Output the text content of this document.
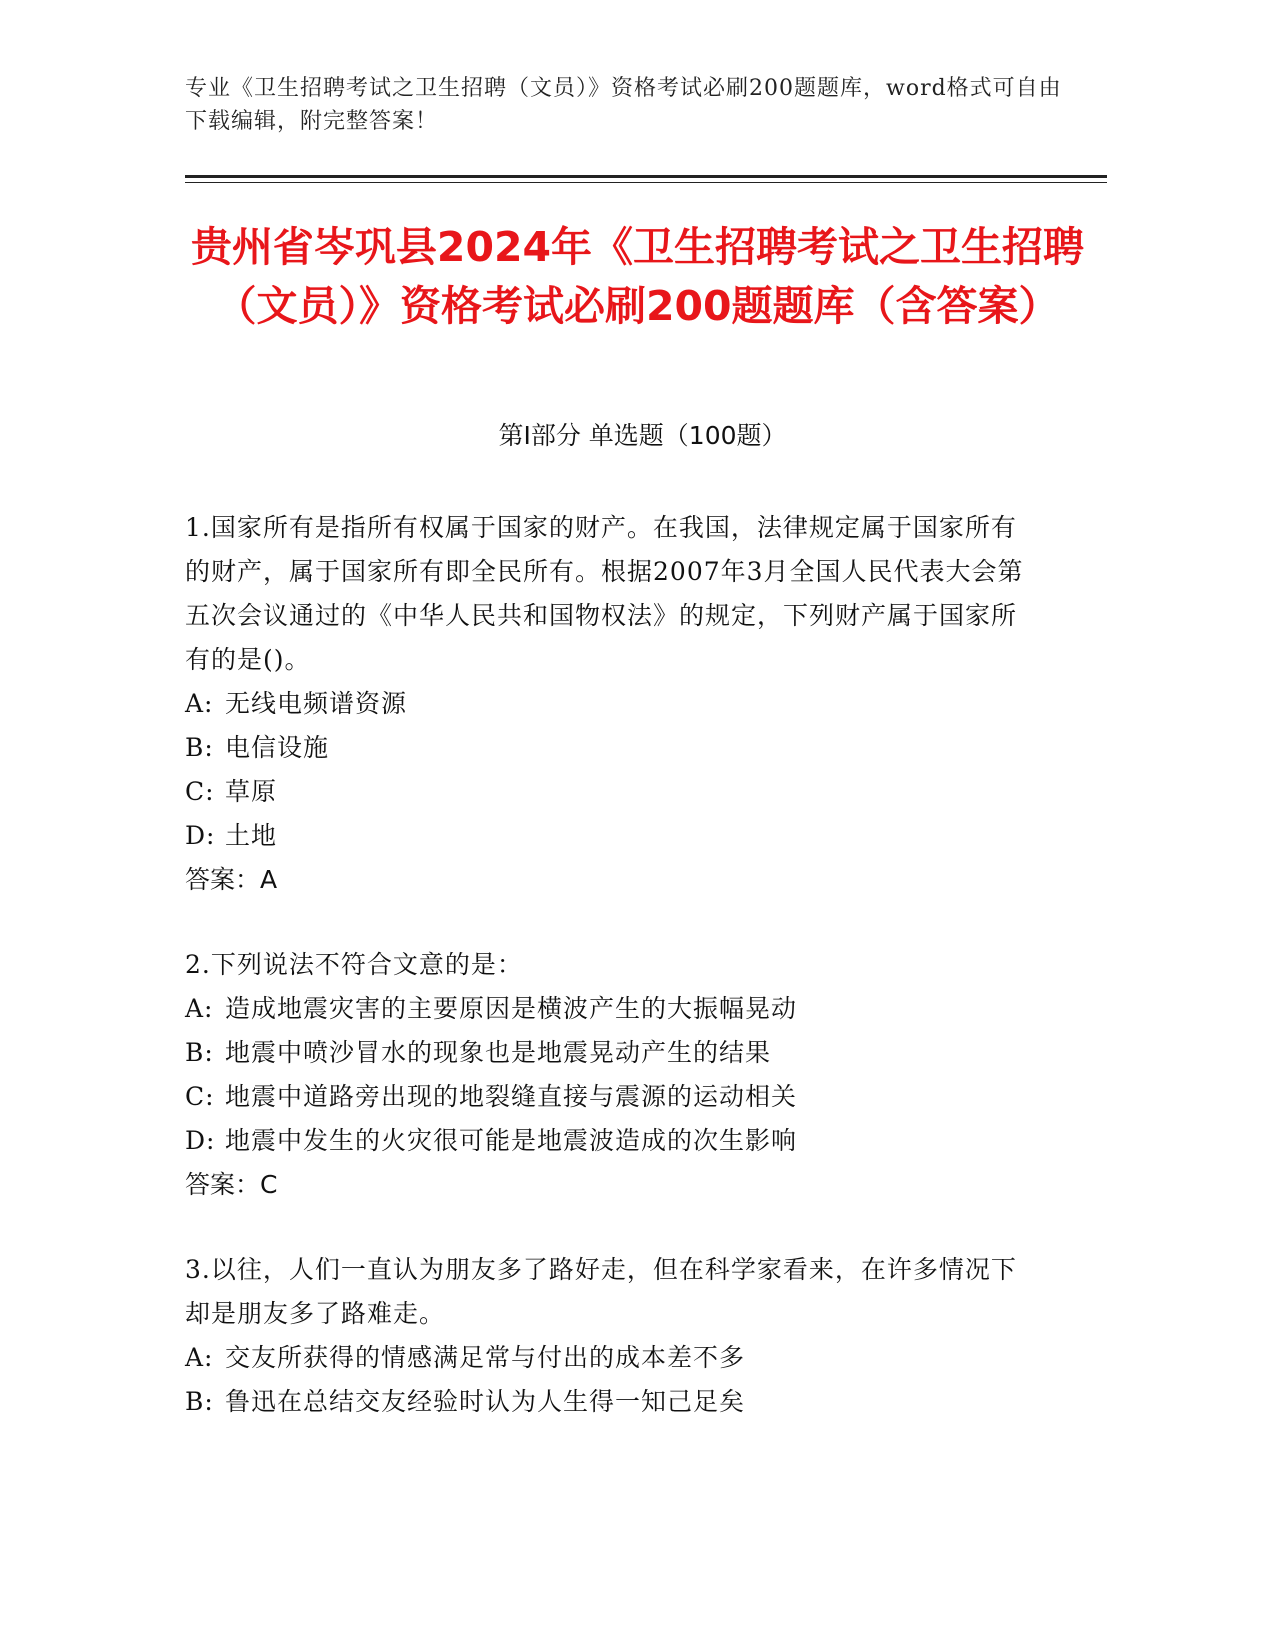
专业《卫生招聘考试之卫生招聘（文员）》资格考试必刷200题题库，word格式可自由下载编辑，附完整答案！
贵州省岑巩县2024年《卫生招聘考试之卫生招聘（文员）》资格考试必刷200题题库（含答案）
第Ⅰ部分 单选题（100题）

1.国家所有是指所有权属于国家的财产。在我国，法律规定属于国家所有的财产，属于国家所有即全民所有。根据2007年3月全国人民代表大会第五次会议通过的《中华人民共和国物权法》的规定，下列财产属于国家所有的是()。

A: 无线电频谱资源

B: 电信设施

C: 草原

D: 土地

答案：A

2.下列说法不符合文意的是：

A: 造成地震灾害的主要原因是横波产生的大振幅晃动

B: 地震中喷沙冒水的现象也是地震晃动产生的结果

C: 地震中道路旁出现的地裂缝直接与震源的运动相关

D: 地震中发生的火灾很可能是地震波造成的次生影响

答案：C

3.以往，人们一直认为朋友多了路好走，但在科学家看来，在许多情况下却是朋友多了路难走。

A: 交友所获得的情感满足常与付出的成本差不多

B: 鲁迅在总结交友经验时认为人生得一知己足矣
